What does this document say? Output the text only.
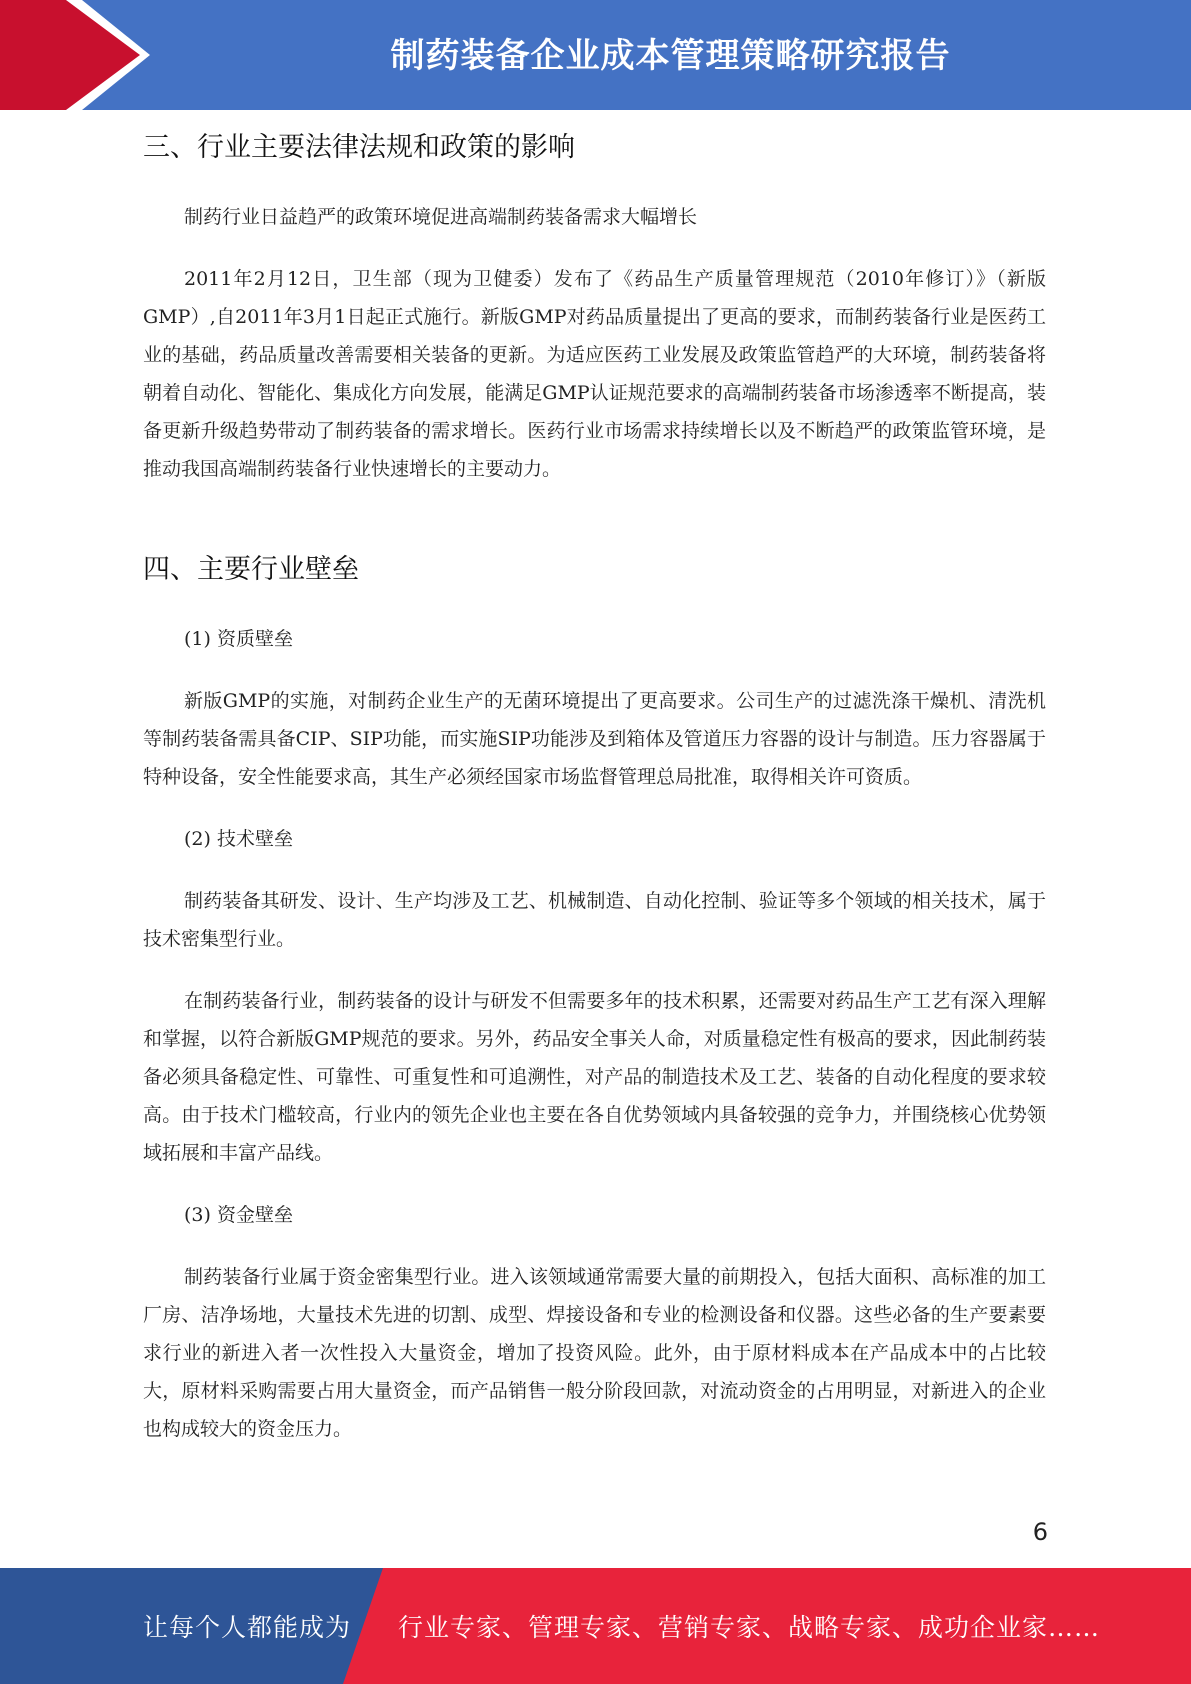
制药装备企业成本管理策略研究报告
三、行业主要法律法规和政策的影响

制药行业日益趋严的政策环境促进高端制药装备需求大幅增长

2011年2月12日，卫生部（现为卫健委）发布了《药品生产质量管理规范（2010年修订）》（新版GMP）,自2011年3月1日起正式施行。新版GMP对药品质量提出了更高的要求，而制药装备行业是医药工业的基础，药品质量改善需要相关装备的更新。为适应医药工业发展及政策监管趋严的大环境，制药装备将朝着自动化、智能化、集成化方向发展，能满足GMP认证规范要求的高端制药装备市场渗透率不断提高，装备更新升级趋势带动了制药装备的需求增长。医药行业市场需求持续增长以及不断趋严的政策监管环境，是推动我国高端制药装备行业快速增长的主要动力。

四、主要行业壁垒
(1) 资质壁垒

新版GMP的实施，对制药企业生产的无菌环境提出了更高要求。公司生产的过滤洗涤干燥机、清洗机等制药装备需具备CIP、SIP功能，而实施SIP功能涉及到箱体及管道压力容器的设计与制造。压力容器属于特种设备，安全性能要求高，其生产必须经国家市场监督管理总局批准，取得相关许可资质。

(2) 技术壁垒

制药装备其研发、设计、生产均涉及工艺、机械制造、自动化控制、验证等多个领域的相关技术，属于技术密集型行业。

在制药装备行业，制药装备的设计与研发不但需要多年的技术积累，还需要对药品生产工艺有深入理解和掌握，以符合新版GMP规范的要求。另外，药品安全事关人命，对质量稳定性有极高的要求，因此制药装备必须具备稳定性、可靠性、可重复性和可追溯性，对产品的制造技术及工艺、装备的自动化程度的要求较高。由于技术门槛较高，行业内的领先企业也主要在各自优势领域内具备较强的竞争力，并围绕核心优势领域拓展和丰富产品线。

(3) 资金壁垒

制药装备行业属于资金密集型行业。进入该领域通常需要大量的前期投入，包括大面积、高标准的加工厂房、洁净场地，大量技术先进的切割、成型、焊接设备和专业的检测设备和仪器。这些必备的生产要素要求行业的新进入者一次性投入大量资金，增加了投资风险。此外，由于原材料成本在产品成本中的占比较大，原材料采购需要占用大量资金，而产品销售一般分阶段回款，对流动资金的占用明显，对新进入的企业也构成较大的资金压力。

6
让每个人都能成为 行业专家、管理专家、营销专家、战略专家、成功企业家……
